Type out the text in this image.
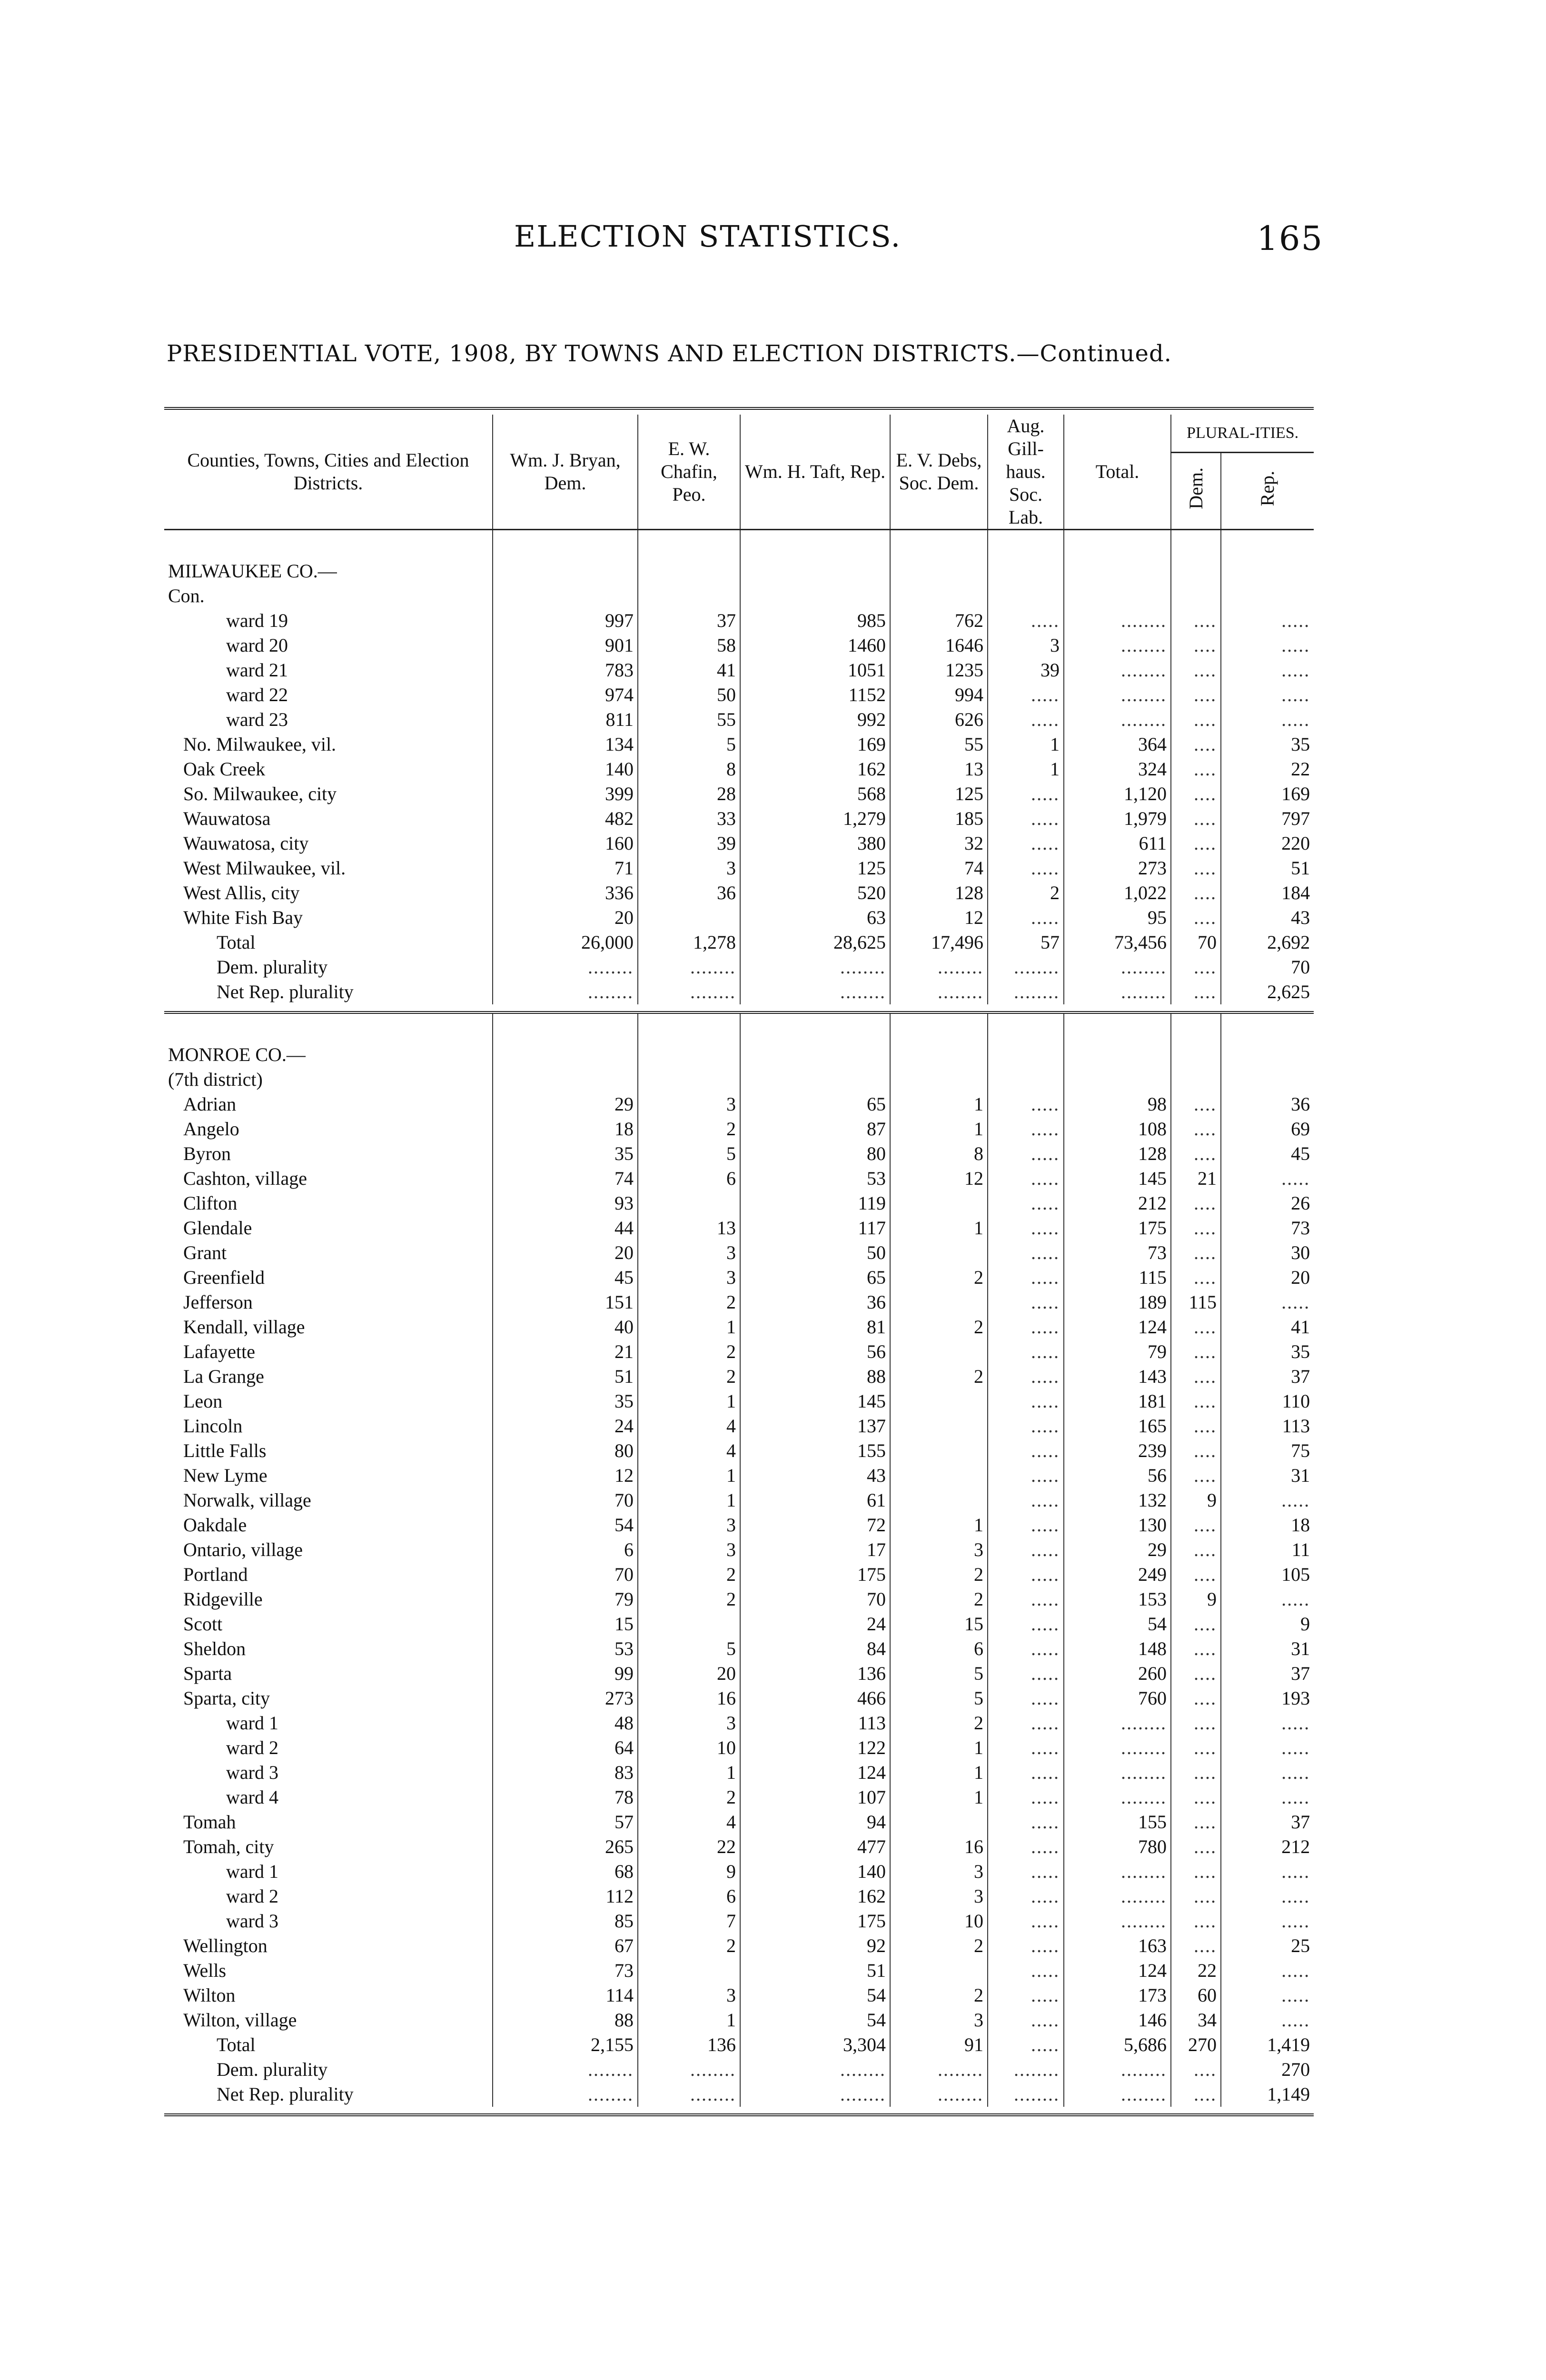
ELECTION STATISTICS.	165
PRESIDENTIAL VOTE, 1908, BY TOWNS AND ELECTION DISTRICTS.—Continued.

Counties, Towns, Cities and Election Districts.	Wm. J. Bryan, Dem.	E. W. Chafin, Peo.	Wm. H. Taft, Rep.	E. V. Debs, Soc. Dem.	Aug. Gill-haus. Soc. Lab.	Total.	PLURAL-ITIES.	
							Dem.	Rep.

MILWAUKEE CO.—								
Con.								
ward 19	997	37	985	762	.....	........	....	.....
ward 20	901	58	1460	1646	3	........	....	.....
ward 21	783	41	1051	1235	39	........	....	.....
ward 22	974	50	1152	994	.....	........	....	.....
ward 23	811	55	992	626	.....	........	....	.....
No. Milwaukee, vil.	134	5	169	55	1	364	....	35
Oak Creek	140	8	162	13	1	324	....	22
So. Milwaukee, city	399	28	568	125	.....	1,120	....	169
Wauwatosa	482	33	1,279	185	.....	1,979	....	797
Wauwatosa, city	160	39	380	32	.....	611	....	220
West Milwaukee, vil.	71	3	125	74	.....	273	....	51
West Allis, city	336	36	520	128	2	1,022	....	184
White Fish Bay	20		63	12	.....	95	....	43
Total	26,000	1,278	28,625	17,496	57	73,456	70	2,692
Dem. plurality	........	........	........	........	........	........	....	70
Net Rep. plurality	........	........	........	........	........	........	....	2,625

MONROE CO.—								
(7th district)								
Adrian	29	3	65	1	.....	98	....	36
Angelo	18	2	87	1	.....	108	....	69
Byron	35	5	80	8	.....	128	....	45
Cashton, village	74	6	53	12	.....	145	21	.....
Clifton	93		119		.....	212	....	26
Glendale	44	13	117	1	.....	175	....	73
Grant	20	3	50		.....	73	....	30
Greenfield	45	3	65	2	.....	115	....	20
Jefferson	151	2	36		.....	189	115	.....
Kendall, village	40	1	81	2	.....	124	....	41
Lafayette	21	2	56		.....	79	....	35
La Grange	51	2	88	2	.....	143	....	37
Leon	35	1	145		.....	181	....	110
Lincoln	24	4	137		.....	165	....	113
Little Falls	80	4	155		.....	239	....	75
New Lyme	12	1	43		.....	56	....	31
Norwalk, village	70	1	61		.....	132	9	.....
Oakdale	54	3	72	1	.....	130	....	18
Ontario, village	6	3	17	3	.....	29	....	11
Portland	70	2	175	2	.....	249	....	105
Ridgeville	79	2	70	2	.....	153	9	.....
Scott	15		24	15	.....	54	....	9
Sheldon	53	5	84	6	.....	148	....	31
Sparta	99	20	136	5	.....	260	....	37
Sparta, city	273	16	466	5	.....	760	....	193
ward 1	48	3	113	2	.....	........	....	.....
ward 2	64	10	122	1	.....	........	....	.....
ward 3	83	1	124	1	.....	........	....	.....
ward 4	78	2	107	1	.....	........	....	.....
Tomah	57	4	94		.....	155	....	37
Tomah, city	265	22	477	16	.....	780	....	212
ward 1	68	9	140	3	.....	........	....	.....
ward 2	112	6	162	3	.....	........	....	.....
ward 3	85	7	175	10	.....	........	....	.....
Wellington	67	2	92	2	.....	163	....	25
Wells	73		51		.....	124	22	.....
Wilton	114	3	54	2	.....	173	60	.....
Wilton, village	88	1	54	3	.....	146	34	.....
Total	2,155	136	3,304	91	.....	5,686	270	1,419
Dem. plurality	........	........	........	........	........	........	....	270
Net Rep. plurality	........	........	........	........	........	........	....	1,149
